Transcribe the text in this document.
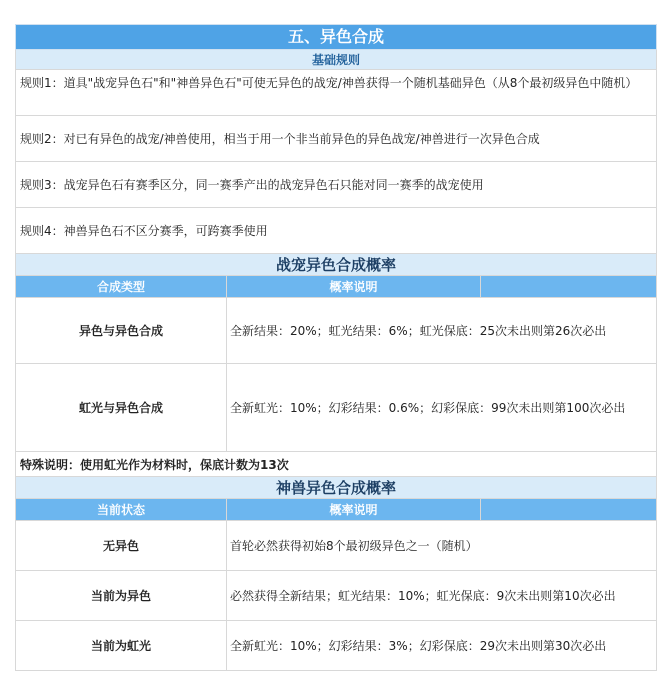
五、异色合成
基础规则
规则1：道具"战宠异色石"和"神兽异色石"可使无异色的战宠/神兽获得一个随机基础异色（从8个最初级异色中随机）
规则2：对已有异色的战宠/神兽使用，相当于用一个非当前异色的异色战宠/神兽进行一次异色合成
规则3：战宠异色石有赛季区分，同一赛季产出的战宠异色石只能对同一赛季的战宠使用
规则4：神兽异色石不区分赛季，可跨赛季使用
战宠异色合成概率
合成类型	概率说明
异色与异色合成	全新结果：20%；虹光结果：6%；虹光保底：25次未出则第26次必出
虹光与异色合成	全新虹光：10%；幻彩结果：0.6%；幻彩保底：99次未出则第100次必出
特殊说明：使用虹光作为材料时，保底计数为13次
神兽异色合成概率
当前状态	概率说明
无异色	首轮必然获得初始8个最初级异色之一（随机）
当前为异色	必然获得全新结果；虹光结果：10%；虹光保底：9次未出则第10次必出
当前为虹光	全新虹光：10%；幻彩结果：3%；幻彩保底：29次未出则第30次必出
